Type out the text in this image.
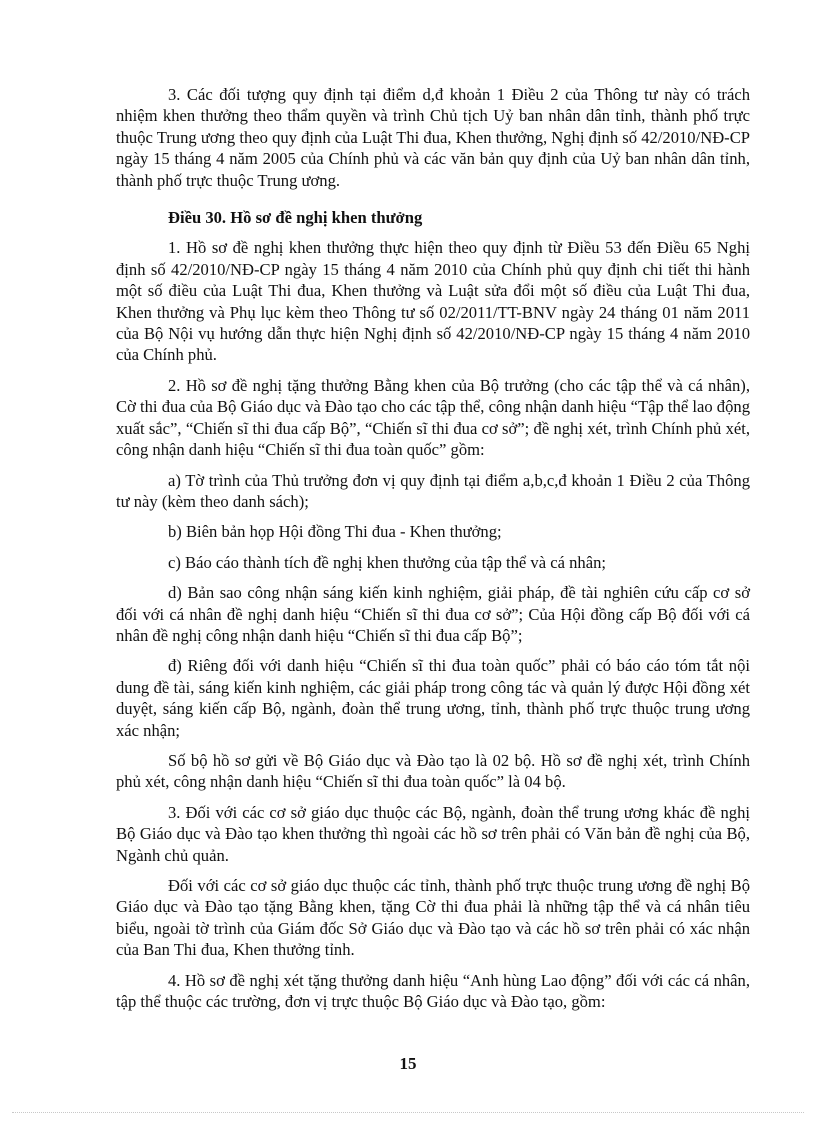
3. Các đối tượng quy định tại điểm d,đ khoản 1 Điều 2 của Thông tư này có trách nhiệm khen thưởng theo thẩm quyền và trình Chủ tịch Uỷ ban nhân dân tỉnh, thành phố trực thuộc Trung ương theo quy định của Luật Thi đua, Khen thưởng, Nghị định số 42/2010/NĐ-CP ngày 15 tháng 4 năm 2005 của Chính phủ và các văn bản quy định của Uỷ ban nhân dân tỉnh, thành phố trực thuộc Trung ương.

Điều 30. Hồ sơ đề nghị khen thưởng

1. Hồ sơ đề nghị khen thưởng thực hiện theo quy định từ Điều 53 đến Điều 65 Nghị định số 42/2010/NĐ-CP ngày 15 tháng 4 năm 2010 của Chính phủ quy định chi tiết thi hành một số điều của Luật Thi đua, Khen thưởng và Luật sửa đổi một số điều của Luật Thi đua, Khen thưởng và Phụ lục kèm theo Thông tư số 02/2011/TT-BNV ngày 24 tháng 01 năm 2011 của Bộ Nội vụ hướng dẫn thực hiện Nghị định số 42/2010/NĐ-CP ngày 15 tháng 4 năm 2010 của Chính phủ.

2. Hồ sơ đề nghị tặng thưởng Bằng khen của Bộ trưởng (cho các tập thể và cá nhân), Cờ thi đua của Bộ Giáo dục và Đào tạo cho các tập thể, công nhận danh hiệu “Tập thể lao động xuất sắc”, “Chiến sĩ thi đua cấp Bộ”, “Chiến sĩ thi đua cơ sở”; đề nghị xét, trình Chính phủ xét, công nhận danh hiệu “Chiến sĩ thi đua toàn quốc” gồm:

a) Tờ trình của Thủ trưởng đơn vị quy định tại điểm a,b,c,đ khoản 1 Điều 2 của Thông tư này (kèm theo danh sách);

b) Biên bản họp Hội đồng Thi đua - Khen thưởng;

c) Báo cáo thành tích đề nghị khen thưởng của tập thể và cá nhân;

d) Bản sao công nhận sáng kiến kinh nghiệm, giải pháp, đề tài nghiên cứu cấp cơ sở đối với cá nhân đề nghị danh hiệu “Chiến sĩ thi đua cơ sở”; Của Hội đồng cấp Bộ đối với cá nhân đề nghị công nhận danh hiệu “Chiến sĩ thi đua cấp Bộ”;

đ) Riêng đối với danh hiệu “Chiến sĩ thi đua toàn quốc” phải có báo cáo tóm tắt nội dung đề tài, sáng kiến kinh nghiệm, các giải pháp trong công tác và quản lý được Hội đồng xét duyệt, sáng kiến cấp Bộ, ngành, đoàn thể trung ương, tỉnh, thành phố trực thuộc trung ương xác nhận;

Số bộ hồ sơ gửi về Bộ Giáo dục và Đào tạo là 02 bộ. Hồ sơ đề nghị xét, trình Chính phủ xét, công nhận danh hiệu “Chiến sĩ thi đua toàn quốc” là 04 bộ.

3. Đối với các cơ sở giáo dục thuộc các Bộ, ngành, đoàn thể trung ương khác đề nghị Bộ Giáo dục và Đào tạo khen thưởng thì ngoài các hồ sơ trên phải có Văn bản đề nghị của Bộ, Ngành chủ quản.

Đối với các cơ sở giáo dục thuộc các tỉnh, thành phố trực thuộc trung ương đề nghị Bộ Giáo dục và Đào tạo tặng Bằng khen, tặng Cờ thi đua phải là những tập thể và cá nhân tiêu biểu, ngoài tờ trình của Giám đốc Sở Giáo dục và Đào tạo và các hồ sơ trên phải có xác nhận của Ban Thi đua, Khen thưởng tỉnh.

4. Hồ sơ đề nghị xét tặng thưởng danh hiệu “Anh hùng Lao động” đối với các cá nhân, tập thể thuộc các trường, đơn vị trực thuộc Bộ Giáo dục và Đào tạo, gồm:

15
